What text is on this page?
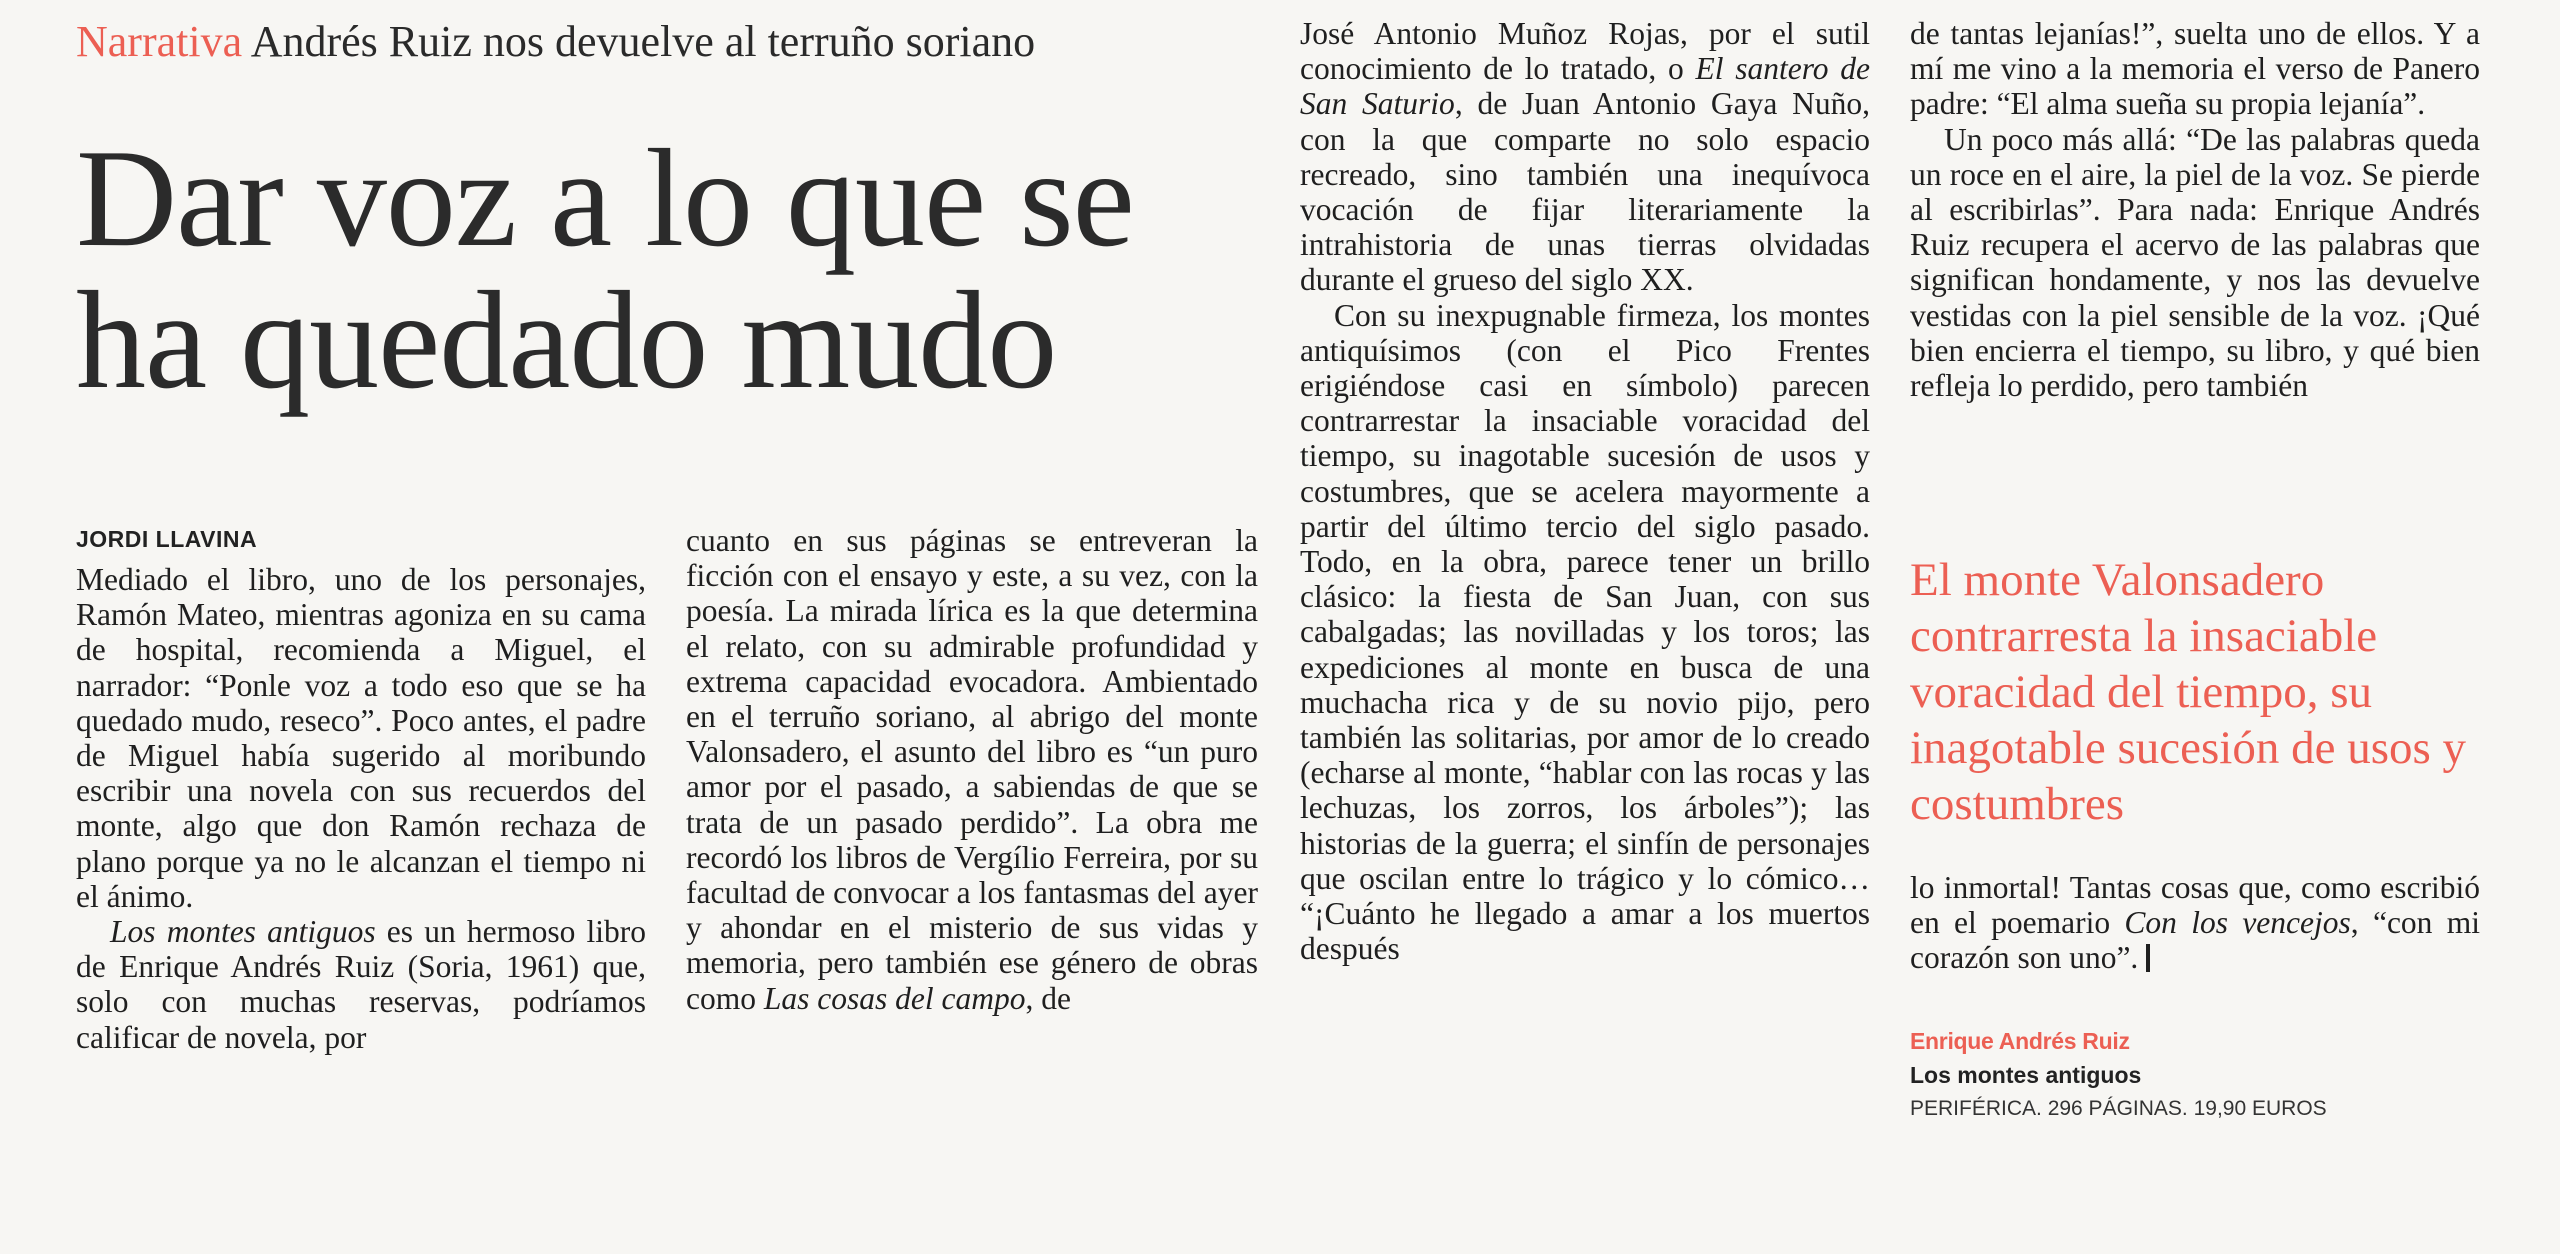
Narrativa Andrés Ruiz nos devuelve al terruño soriano
Dar voz a lo que se ha quedado mudo
JORDI LLAVINA

Mediado el libro, uno de los personajes, Ramón Mateo, mientras agoniza en su cama de hospital, recomienda a Miguel, el narrador: “Ponle voz a todo eso que se ha quedado mudo, reseco”. Poco antes, el padre de Miguel había sugerido al moribundo escribir una novela con sus recuerdos del monte, algo que don Ramón rechaza de plano porque ya no le alcanzan el tiempo ni el ánimo.

Los montes antiguos es un hermoso libro de Enrique Andrés Ruiz (Soria, 1961) que, solo con muchas reservas, podríamos calificar de novela, por

cuanto en sus páginas se entreveran la ficción con el ensayo y este, a su vez, con la poesía. La mirada lírica es la que determina el relato, con su admirable profundidad y extrema capacidad evocadora. Ambientado en el terruño soriano, al abrigo del monte Valonsadero, el asunto del libro es “un puro amor por el pasado, a sabiendas de que se trata de un pasado perdido”. La obra me recordó los libros de Vergílio Ferreira, por su facultad de convocar a los fantasmas del ayer y ahondar en el misterio de sus vidas y memoria, pero también ese género de obras como Las cosas del campo, de

José Antonio Muñoz Rojas, por el sutil conocimiento de lo tratado, o El santero de San Saturio, de Juan Antonio Gaya Nuño, con la que comparte no solo espacio recreado, sino también una inequívoca vocación de fijar literariamente la intrahistoria de unas tierras olvidadas durante el grueso del siglo XX.

Con su inexpugnable firmeza, los montes antiquísimos (con el Pico Frentes erigiéndose casi en símbolo) parecen contrarrestar la insaciable voracidad del tiempo, su inagotable sucesión de usos y costumbres, que se acelera mayormente a partir del último tercio del siglo pasado. Todo, en la obra, parece tener un brillo clásico: la fiesta de San Juan, con sus cabalgadas; las novilladas y los toros; las expediciones al monte en busca de una muchacha rica y de su novio pijo, pero también las solitarias, por amor de lo creado (echarse al monte, “hablar con las rocas y las lechuzas, los zorros, los árboles”); las historias de la guerra; el sinfín de personajes que oscilan entre lo trágico y lo cómico… “¡Cuánto he llegado a amar a los muertos después

de tantas lejanías!”, suelta uno de ellos. Y a mí me vino a la memoria el verso de Panero padre: “El alma sueña su propia lejanía”.

Un poco más allá: “De las palabras queda un roce en el aire, la piel de la voz. Se pierde al escribirlas”. Para nada: Enrique Andrés Ruiz recupera el acervo de las palabras que significan hondamente, y nos las devuelve vestidas con la piel sensible de la voz. ¡Qué bien encierra el tiempo, su libro, y qué bien refleja lo perdido, pero también

El monte Valonsadero contrarresta la insaciable voracidad del tiempo, su inagotable sucesión de usos y costumbres

lo inmortal! Tantas cosas que, como escribió en el poemario Con los vencejos, “con mi corazón son uno”.

Enrique Andrés Ruiz
Los montes antiguos
PERIFÉRICA. 296 PÁGINAS. 19,90 EUROS
